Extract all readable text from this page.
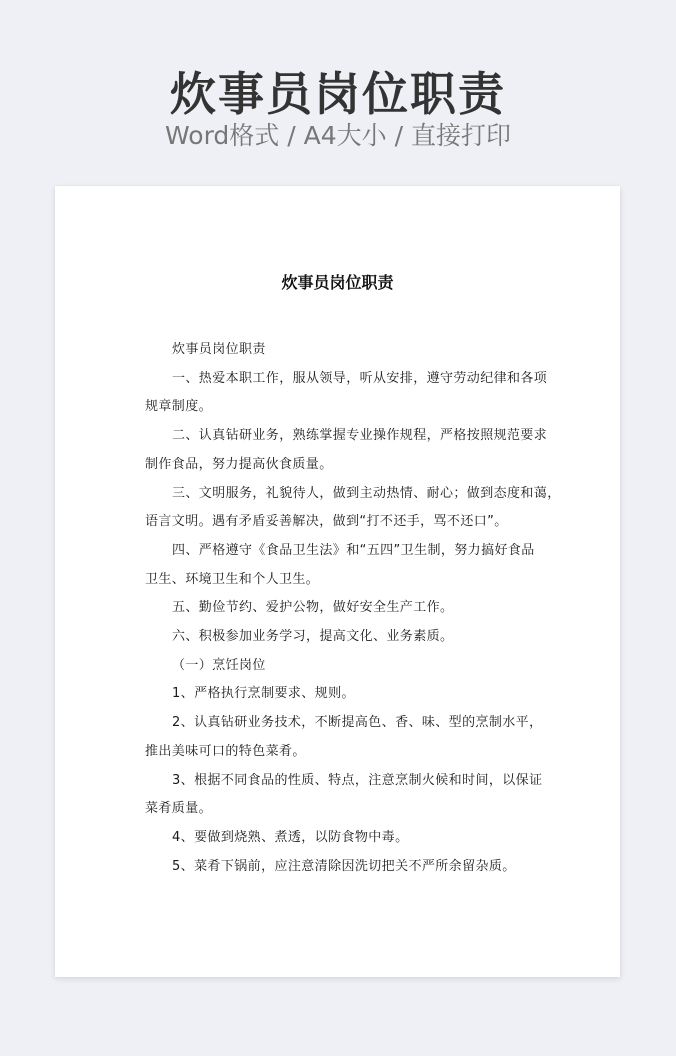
炊事员岗位职责
Word格式 / A4大小 / 直接打印
炊事员岗位职责

炊事员岗位职责

一、热爱本职工作，服从领导，听从安排，遵守劳动纪律和各项

规章制度。

二、认真钻研业务，熟练掌握专业操作规程，严格按照规范要求

制作食品，努力提高伙食质量。

三、文明服务，礼貌待人，做到主动热情、耐心；做到态度和蔼，

语言文明。遇有矛盾妥善解决，做到“打不还手，骂不还口”。

四、严格遵守《食品卫生法》和“五四”卫生制，努力搞好食品

卫生、环境卫生和个人卫生。

五、勤俭节约、爱护公物，做好安全生产工作。

六、积极参加业务学习，提高文化、业务素质。

（一）烹饪岗位

1、严格执行烹制要求、规则。

2、认真钻研业务技术，不断提高色、香、味、型的烹制水平，

推出美味可口的特色菜肴。

3、根据不同食品的性质、特点，注意烹制火候和时间，以保证

菜肴质量。

4、要做到烧熟、煮透，以防食物中毒。

5、菜肴下锅前，应注意清除因洗切把关不严所余留杂质。
